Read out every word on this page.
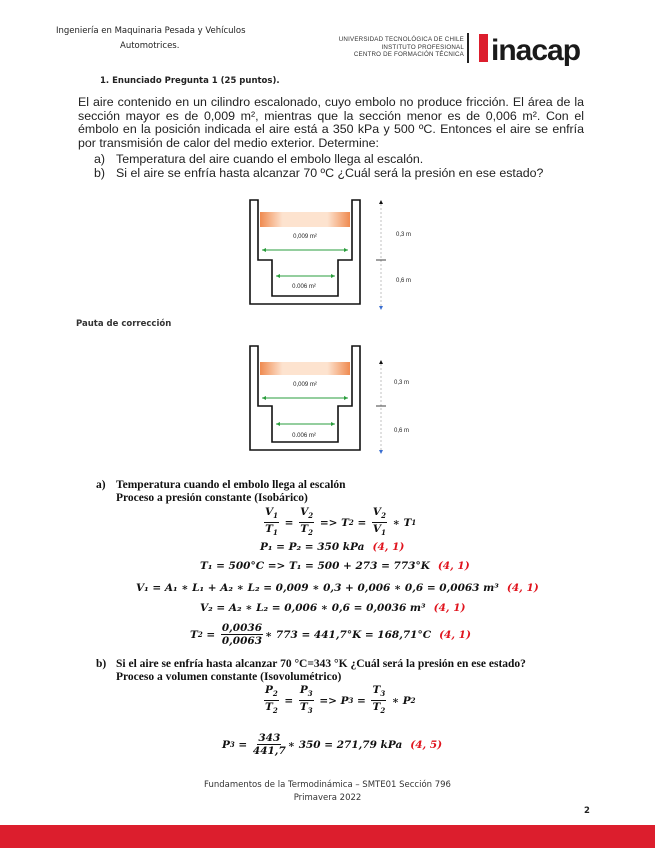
Ingeniería en Maquinaria Pesada y Vehículos
Automotrices.
UNIVERSIDAD TECNOLÓGICA DE CHILE
INSTITUTO PROFESIONAL
CENTRO DE FORMACIÓN TÉCNICA inacap
1. Enunciado Pregunta 1 (25 puntos).
El aire contenido en un cilindro escalonado, cuyo embolo no produce fricción. El área de la sección mayor es de 0,009 m², mientras que la sección menor es de 0,006 m². Con el émbolo en la posición indicada el aire está a 350 kPa y 500 ºC. Entonces el aire se enfría por transmisión de calor del medio exterior. Determine:
a) Temperatura del aire cuando el embolo llega al escalón.
b) Si el aire se enfría hasta alcanzar 70 ºC ¿Cuál será la presión en ese estado?
0,009 m²
0.006 m²
0,3 m
0,6 m
Pauta de corrección
0,009 m²
0.006 m²
0,3 m
0,6 m
a) Temperatura cuando el embolo llega al escalón
Proceso a presión constante (Isobárico)
$\frac{V_1}{T_1} = \frac{V_2}{T_2} => T$ $2 = \frac{V_2}{V_1}$ ∗ T 1
P₁ = P₂ = 350 kPa (4, 1)
T₁ = 500°C => T₁ = 500 + 273 = 773°K (4, 1)
V₁ = A₁ ∗ L₁ + A₂ ∗ L₂ = 0,009 ∗ 0,3 + 0,006 ∗ 0,6 = 0,0063 m³ (4, 1)
V₂ = A₂ ∗ L₂ = 0,006 ∗ 0,6 = 0,0036 m³ (4, 1)
T $2 = \frac{0,0036}{0,0063}$ ∗ 773 = 441,7°K = 168,71°C (4, 1)
b) Si el aire se enfría hasta alcanzar 70 °C=343 °K ¿Cuál será la presión en ese estado?
Proceso a volumen constante (Isovolumétrico)
$\frac{P_2}{T_2} = \frac{P_3}{T_3} => P$ $3 = \frac{T_3}{T_2}$ ∗ P 2
P $3 = \frac{343}{441,7}$ ∗ 350 = 271,79 kPa (4, 5)
Fundamentos de la Termodinámica – SMTE01 Sección 796
Primavera 2022
2
